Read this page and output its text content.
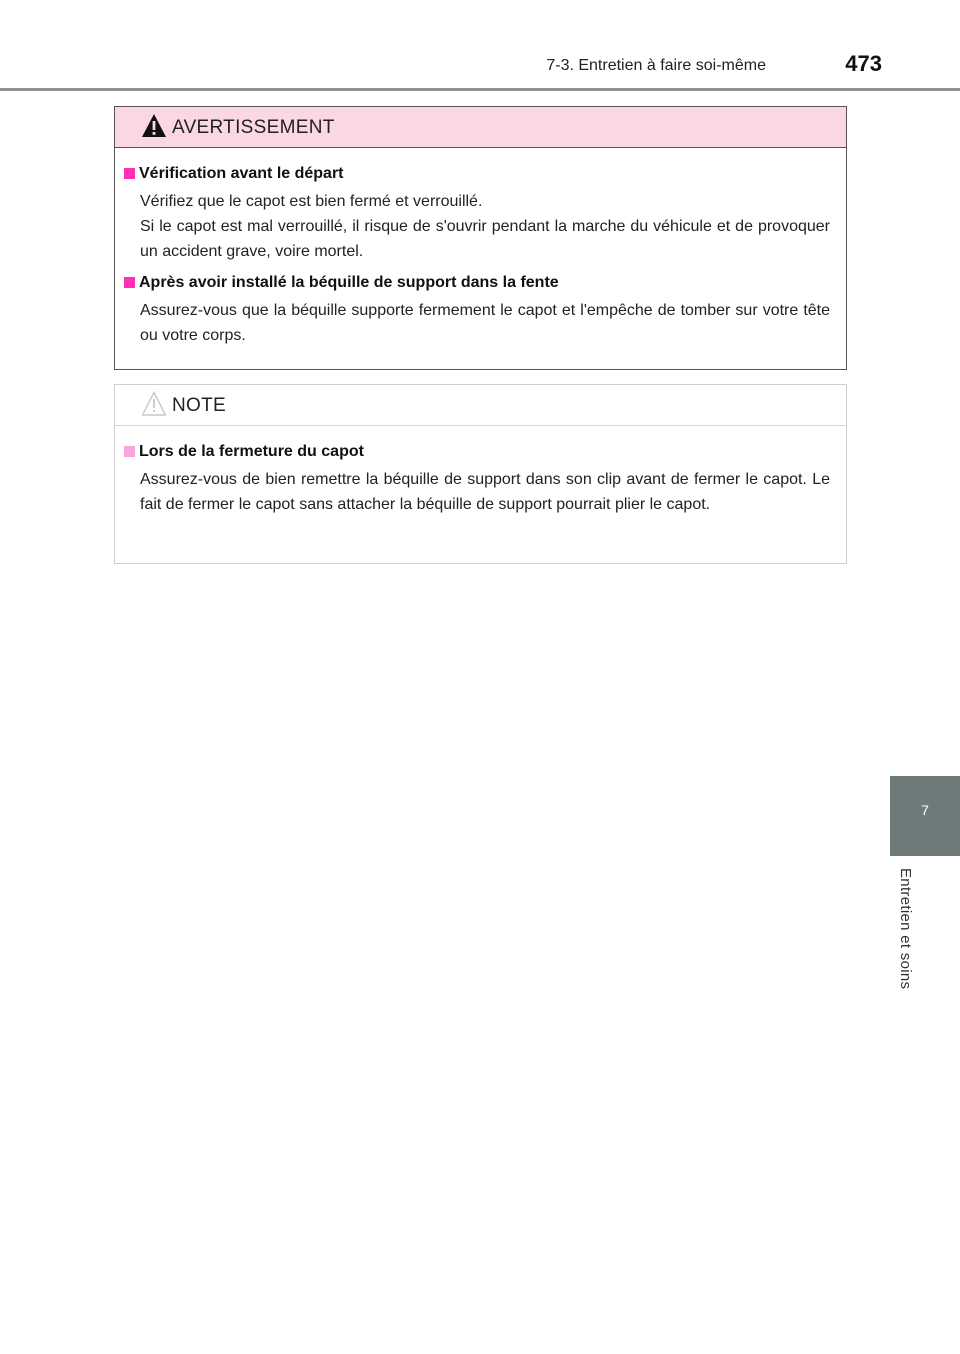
7-3. Entretien à faire soi-même	473
AVERTISSEMENT
Vérification avant le départ

Vérifiez que le capot est bien fermé et verrouillé.

Si le capot est mal verrouillé, il risque de s'ouvrir pendant la marche du véhicule et de provoquer un accident grave, voire mortel.

Après avoir installé la béquille de support dans la fente

Assurez-vous que la béquille supporte fermement le capot et l'empêche de tomber sur votre tête ou votre corps.

NOTE
Lors de la fermeture du capot

Assurez-vous de bien remettre la béquille de support dans son clip avant de fermer le capot. Le fait de fermer le capot sans attacher la béquille de support pourrait plier le capot.

7
Entretien et soins
